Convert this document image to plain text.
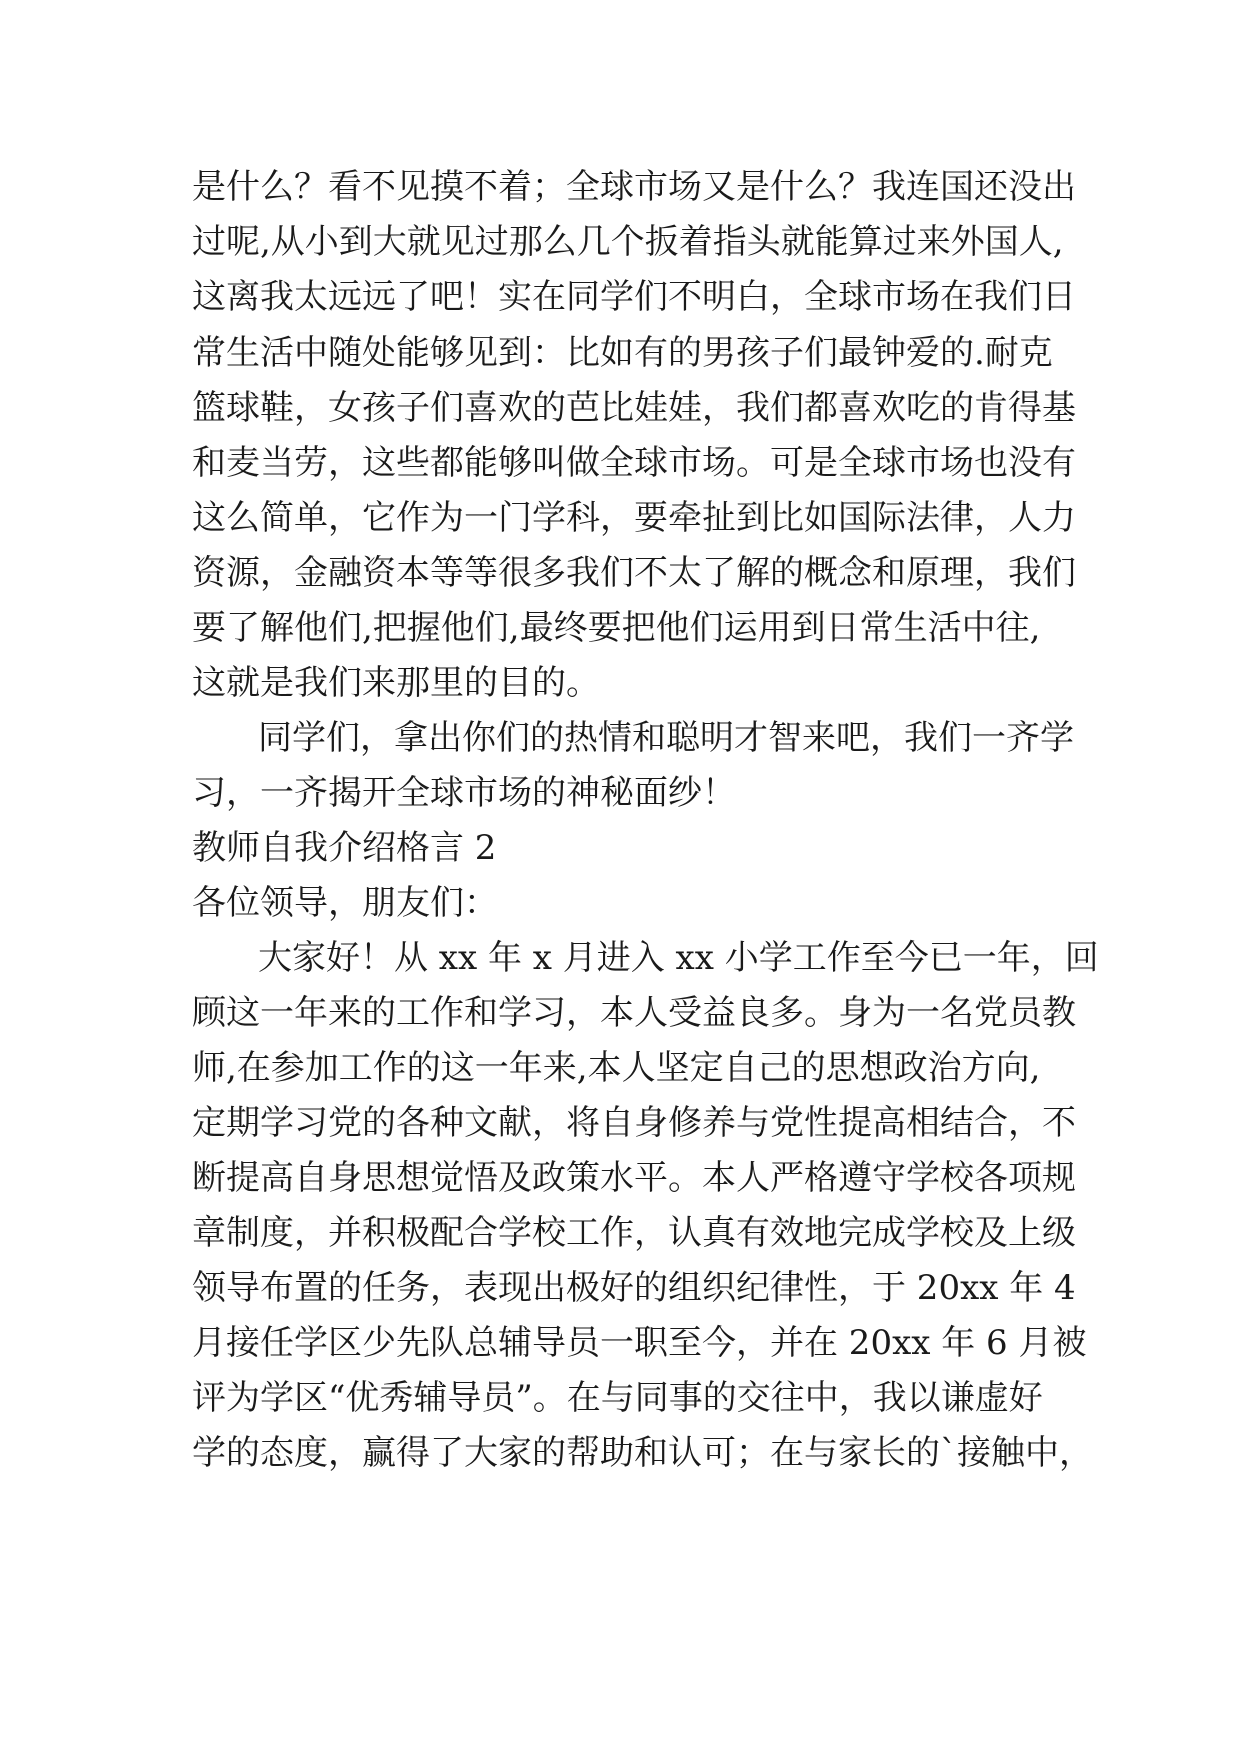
是什么？看不见摸不着；全球市场又是什么？我连国还没出

过呢,从小到大就见过那么几个扳着指头就能算过来外国人,

这离我太远远了吧！实在同学们不明白，全球市场在我们日

常生活中随处能够见到：比如有的男孩子们最钟爱的.耐克

篮球鞋，女孩子们喜欢的芭比娃娃，我们都喜欢吃的肯得基

和麦当劳，这些都能够叫做全球市场。可是全球市场也没有

这么简单，它作为一门学科，要牵扯到比如国际法律，人力

资源，金融资本等等很多我们不太了解的概念和原理，我们

要了解他们,把握他们,最终要把他们运用到日常生活中往,

这就是我们来那里的目的。

同学们，拿出你们的热情和聪明才智来吧，我们一齐学

习，一齐揭开全球市场的神秘面纱！

教师自我介绍格言 2

各位领导，朋友们：

大家好！从 xx 年 x 月进入 xx 小学工作至今已一年，回

顾这一年来的工作和学习，本人受益良多。身为一名党员教

师,在参加工作的这一年来,本人坚定自己的思想政治方向,

定期学习党的各种文献，将自身修养与党性提高相结合，不

断提高自身思想觉悟及政策水平。本人严格遵守学校各项规

章制度，并积极配合学校工作，认真有效地完成学校及上级

领导布置的任务，表现出极好的组织纪律性，于 20xx 年 4

月接任学区少先队总辅导员一职至今，并在 20xx 年 6 月被

评为学区“优秀辅导员”。在与同事的交往中，我以谦虚好

学的态度，赢得了大家的帮助和认可；在与家长的`接触中，
